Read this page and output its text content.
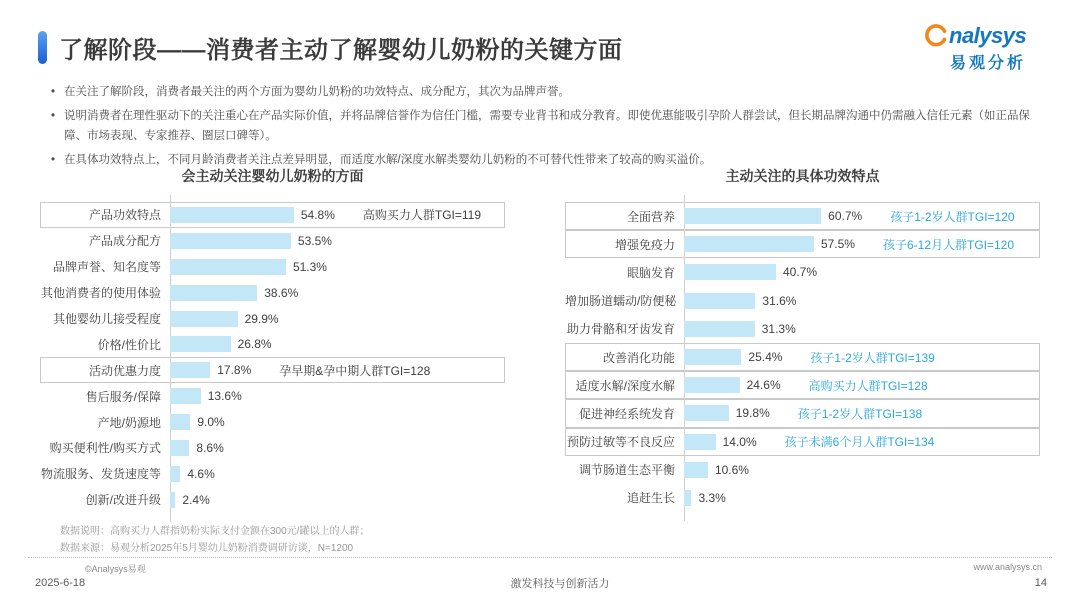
了解阶段——消费者主动了解婴幼儿奶粉的关键方面
nalysys
易观分析
• 在关注了解阶段，消费者最关注的两个方面为婴幼儿奶粉的功效特点、成分配方，其次为品牌声誉。
• 说明消费者在理性驱动下的关注重心在产品实际价值，并将品牌信誉作为信任门槛，需要专业背书和成分教育。即使优惠能吸引孕阶人群尝试，但长期品牌沟通中仍需融入信任元素（如正品保障、市场表现、专家推荐、圈层口碑等）。
• 在具体功效特点上，不同月龄消费者关注点差异明显，而适度水解/深度水解类婴幼儿奶粉的不可替代性带来了较高的购买溢价。
会主动关注婴幼儿奶粉的方面
产品功效特点	54.8% 高购买力人群TGI=119
产品成分配方	53.5%
品牌声誉、知名度等	51.3%
其他消费者的使用体验	38.6%
其他婴幼儿接受程度	29.9%
价格/性价比	26.8%
活动优惠力度	17.8% 孕早期&孕中期人群TGI=128
售后服务/保障	13.6%
产地/奶源地	9.0%
购买便利性/购买方式	8.6%
物流服务、发货速度等	4.6%
创新/改进升级	2.4%
主动关注的具体功效特点
全面营养	60.7% 孩子1-2岁人群TGI=120
增强免疫力	57.5% 孩子6-12月人群TGI=120
眼脑发育	40.7%
增加肠道蠕动/防便秘	31.6%
助力骨骼和牙齿发育	31.3%
改善消化功能	25.4% 孩子1-2岁人群TGI=139
适度水解/深度水解	24.6% 高购买力人群TGI=128
促进神经系统发育	19.8% 孩子1-2岁人群TGI=138
预防过敏等不良反应	14.0% 孩子未满6个月人群TGI=134
调节肠道生态平衡	10.6%
追赶生长	3.3%
数据说明：高购买力人群指奶粉实际支付金额在300元/罐以上的人群；
数据来源：易观分析2025年5月婴幼儿奶粉消费调研访谈，N=1200
©Analysys易观	www.analysys.cn
2025-6-18	激发科技与创新活力	14
